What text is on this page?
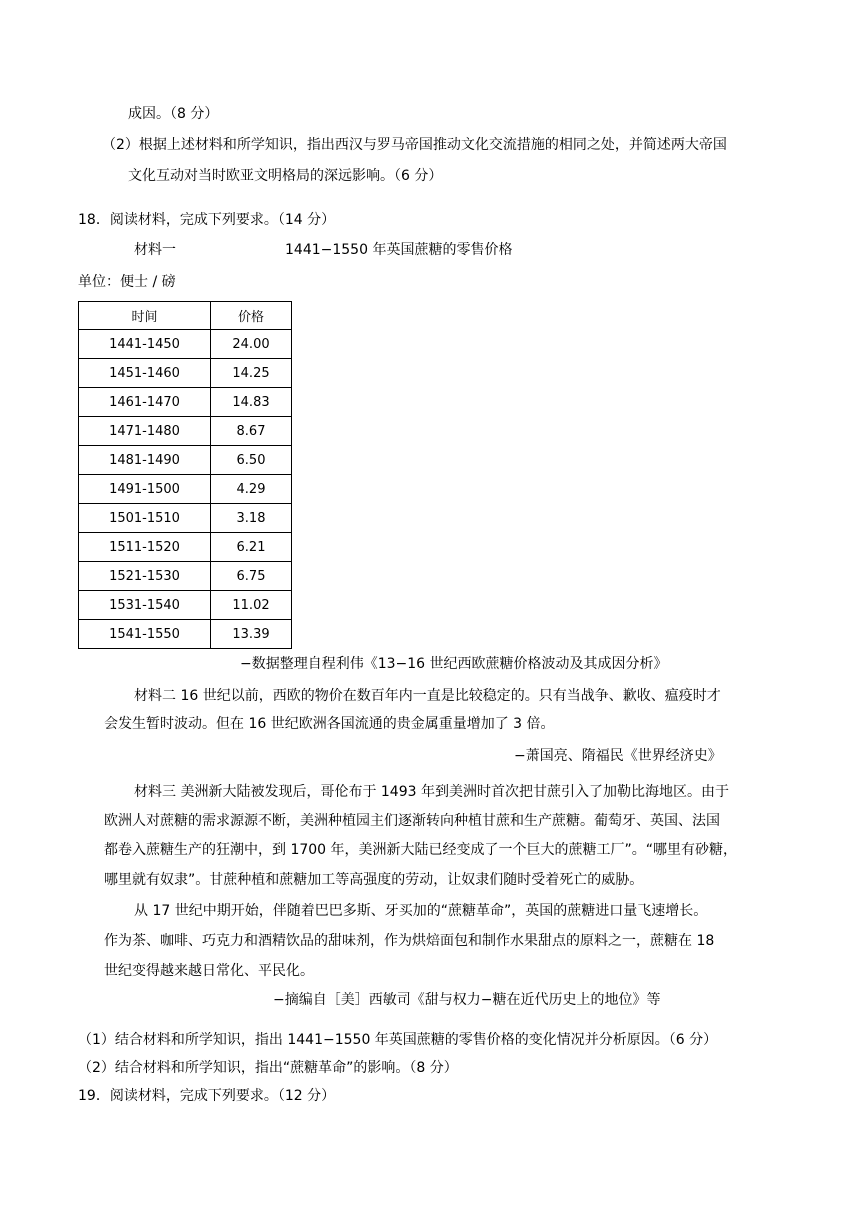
成因。（8 分）
（2）根据上述材料和所学知识，指出西汉与罗马帝国推动文化交流措施的相同之处，并简述两大帝国
文化互动对当时欧亚文明格局的深远影响。（6 分）
18．阅读材料，完成下列要求。（14 分）
材料一	1441−1550 年英国蔗糖的零售价格
单位：便士 / 磅
时间	价格
1441-1450	24.00
1451-1460	14.25
1461-1470	14.83
1471-1480	8.67
1481-1490	6.50
1491-1500	4.29
1501-1510	3.18
1511-1520	6.21
1521-1530	6.75
1531-1540	11.02
1541-1550	13.39
−数据整理自程利伟《13−16 世纪西欧蔗糖价格波动及其成因分析》
材料二 16 世纪以前，西欧的物价在数百年内一直是比较稳定的。只有当战争、歉收、瘟疫时才
会发生暂时波动。但在 16 世纪欧洲各国流通的贵金属重量增加了 3 倍。
−萧国亮、隋福民《世界经济史》
材料三 美洲新大陆被发现后，哥伦布于 1493 年到美洲时首次把甘蔗引入了加勒比海地区。由于
欧洲人对蔗糖的需求源源不断，美洲种植园主们逐渐转向种植甘蔗和生产蔗糖。葡萄牙、英国、法国
都卷入蔗糖生产的狂潮中，到 1700 年，美洲新大陆已经变成了一个巨大的蔗糖工厂”。“哪里有砂糖，
哪里就有奴隶”。甘蔗种植和蔗糖加工等高强度的劳动，让奴隶们随时受着死亡的威胁。
从 17 世纪中期开始，伴随着巴巴多斯、牙买加的“蔗糖革命”，英国的蔗糖进口量飞速增长。
作为茶、咖啡、巧克力和酒精饮品的甜味剂，作为烘焙面包和制作水果甜点的原料之一，蔗糖在 18
世纪变得越来越日常化、平民化。
−摘编自［美］西敏司《甜与权力−糖在近代历史上的地位》等
（1）结合材料和所学知识，指出 1441−1550 年英国蔗糖的零售价格的变化情况并分析原因。（6 分）
（2）结合材料和所学知识，指出“蔗糖革命”的影响。（8 分）
19．阅读材料，完成下列要求。（12 分）
